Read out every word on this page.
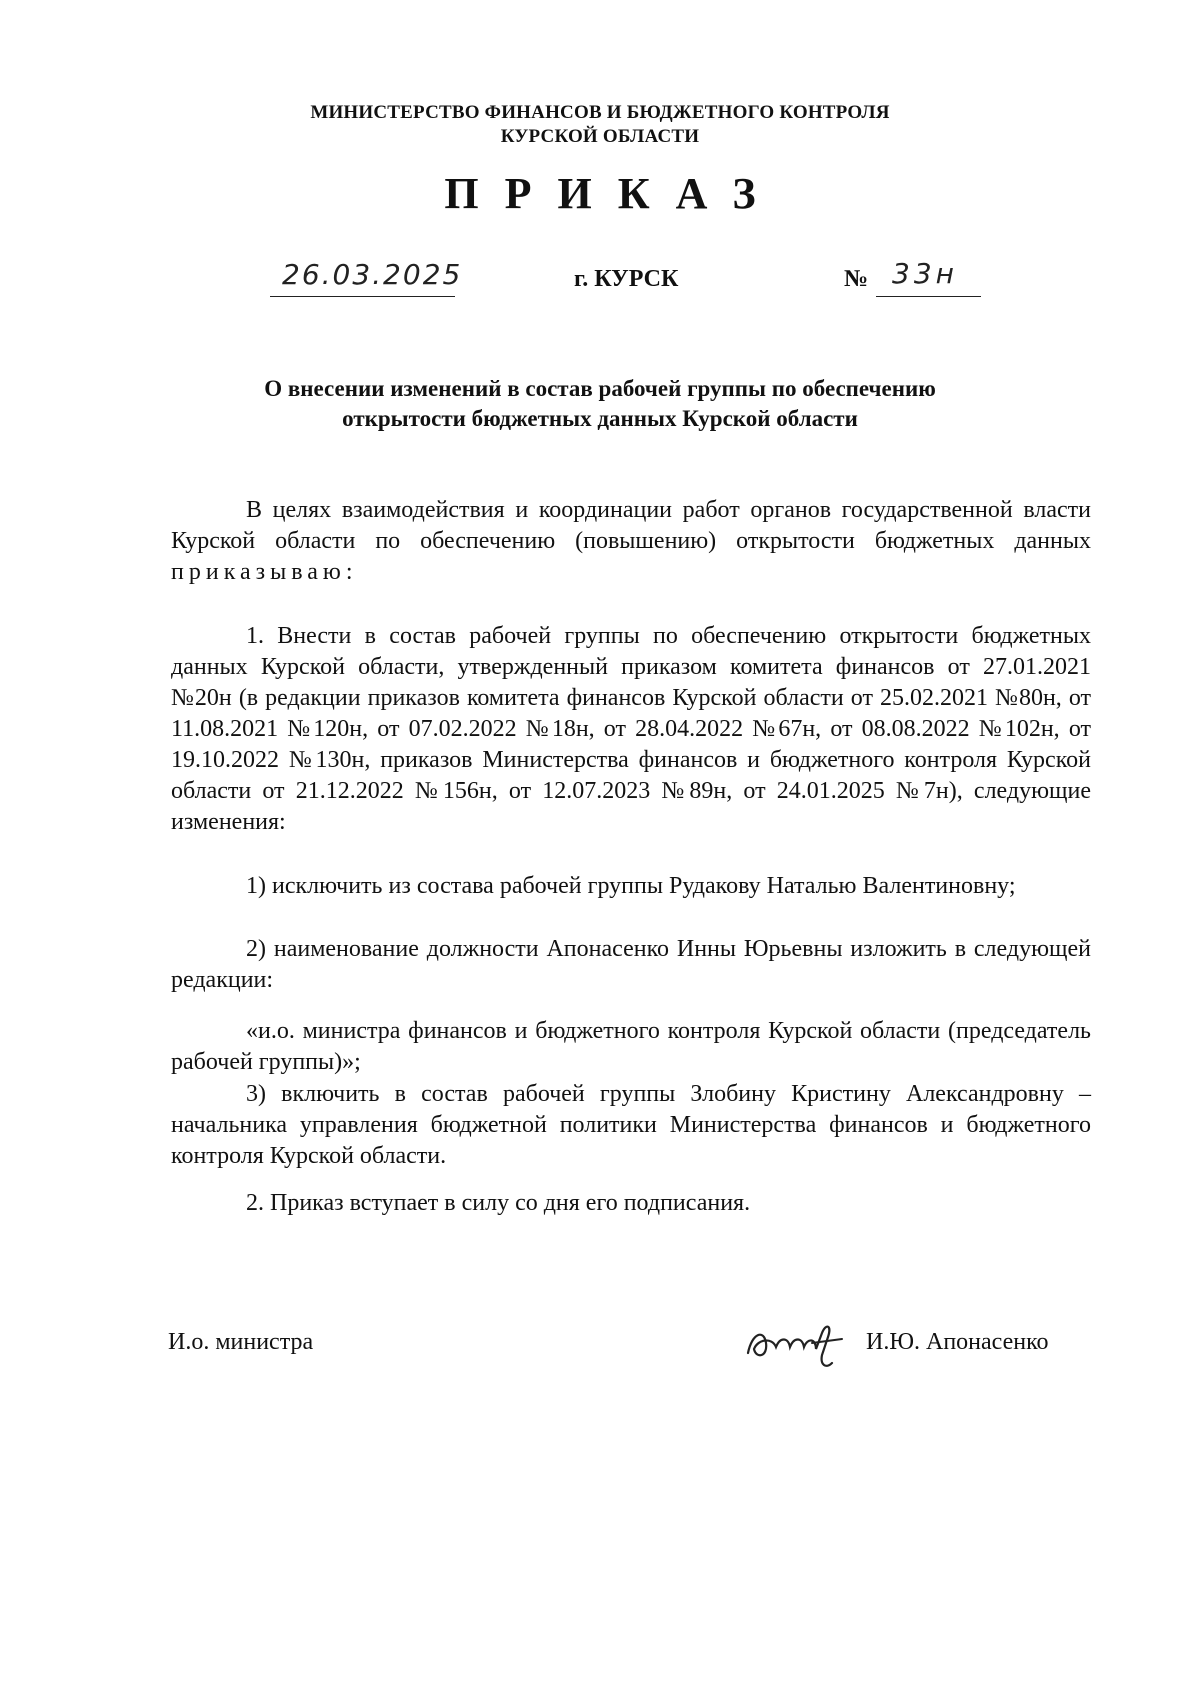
МИНИСТЕРСТВО ФИНАНСОВ И БЮДЖЕТНОГО КОНТРОЛЯ
КУРСКОЙ ОБЛАСТИ
ПРИКАЗ
26.03.2025	г. КУРСК	№ 33н
О внесении изменений в состав рабочей группы по обеспечению
открытости бюджетных данных Курской области
В целях взаимодействия и координации работ органов государственной власти Курской области по обеспечению (повышению) открытости бюджетных данных приказываю:
1. Внести в состав рабочей группы по обеспечению открытости бюджетных данных Курской области, утвержденный приказом комитета финансов от 27.01.2021 №20н (в редакции приказов комитета финансов Курской области от 25.02.2021 №80н, от 11.08.2021 №120н, от 07.02.2022 №18н, от 28.04.2022 №67н, от 08.08.2022 №102н, от 19.10.2022 №130н, приказов Министерства финансов и бюджетного контроля Курской области от 21.12.2022 №156н, от 12.07.2023 №89н, от 24.01.2025 №7н), следующие изменения:
1) исключить из состава рабочей группы Рудакову Наталью Валентиновну;
2) наименование должности Апонасенко Инны Юрьевны изложить в следующей редакции:
«и.о. министра финансов и бюджетного контроля Курской области (председатель рабочей группы)»;
3) включить в состав рабочей группы Злобину Кристину Александровну – начальника управления бюджетной политики Министерства финансов и бюджетного контроля Курской области.
2. Приказ вступает в силу со дня его подписания.
И.о. министра	И.Ю. Апонасенко
